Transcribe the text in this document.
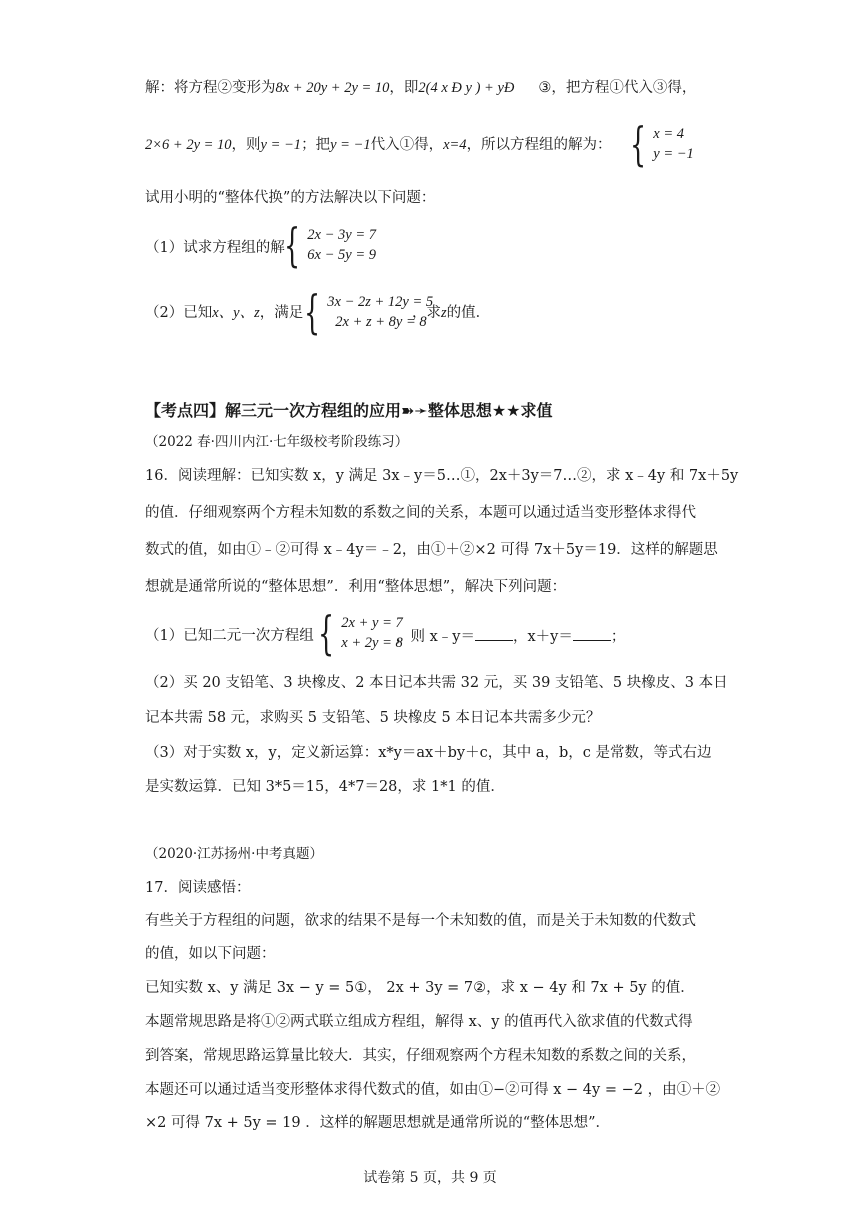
解：将方程②变形为8x + 20y + 2y = 10，即2(4 x Ð y ) + yÐ ③，把方程①代入③得，
2×6 + 2y = 10，则y = −1；把y = −1代入①得，x=4，所以方程组的解为： { x = 4
y = −1
试用小明的“整体代换”的方法解决以下问题：
（1）试求方程组的解 { 2x − 3y = 7
6x − 5y = 9
（2）已知x、y、z，满足 { 3x − 2z + 12y = 5
2x + z + 8y = 8
，求z的值．
【考点四】解三元一次方程组的应用➽➛整体思想★★求值
（2022 春·四川内江·七年级校考阶段练习）
16．阅读理解：已知实数 x，y 满足 3x﹣y＝5…①，2x＋3y＝7…②，求 x﹣4y 和 7x＋5y
的值．仔细观察两个方程未知数的系数之间的关系，本题可以通过适当变形整体求得代
数式的值，如由①﹣②可得 x﹣4y＝﹣2，由①＋②×2 可得 7x＋5y＝19．这样的解题思
想就是通常所说的“整体思想”．利用“整体思想”，解决下列问题：
（1）已知二元一次方程组 { 2x + y = 7
x + 2y = 8
，则 x﹣y＝	，x＋y＝	；
（2）买 20 支铅笔、3 块橡皮、2 本日记本共需 32 元，买 39 支铅笔、5 块橡皮、3 本日
记本共需 58 元，求购买 5 支铅笔、5 块橡皮 5 本日记本共需多少元？
（3）对于实数 x，y，定义新运算：x*y＝ax＋by＋c，其中 a，b，c 是常数，等式右边
是实数运算．已知 3*5＝15，4*7＝28，求 1*1 的值．
（2020·江苏扬州·中考真题）
17．阅读感悟：
有些关于方程组的问题，欲求的结果不是每一个未知数的值，而是关于未知数的代数式
的值，如以下问题：
已知实数 x、y 满足 3x − y = 5①， 2x + 3y = 7②，求 x − 4y 和 7x + 5y 的值．
本题常规思路是将①②两式联立组成方程组，解得 x、y 的值再代入欲求值的代数式得
到答案，常规思路运算量比较大．其实，仔细观察两个方程未知数的系数之间的关系，
本题还可以通过适当变形整体求得代数式的值，如由①−②可得 x − 4y = −2 ，由①＋②
×2 可得 7x + 5y = 19 ．这样的解题思想就是通常所说的“整体思想”．
试卷第 5 页，共 9 页
